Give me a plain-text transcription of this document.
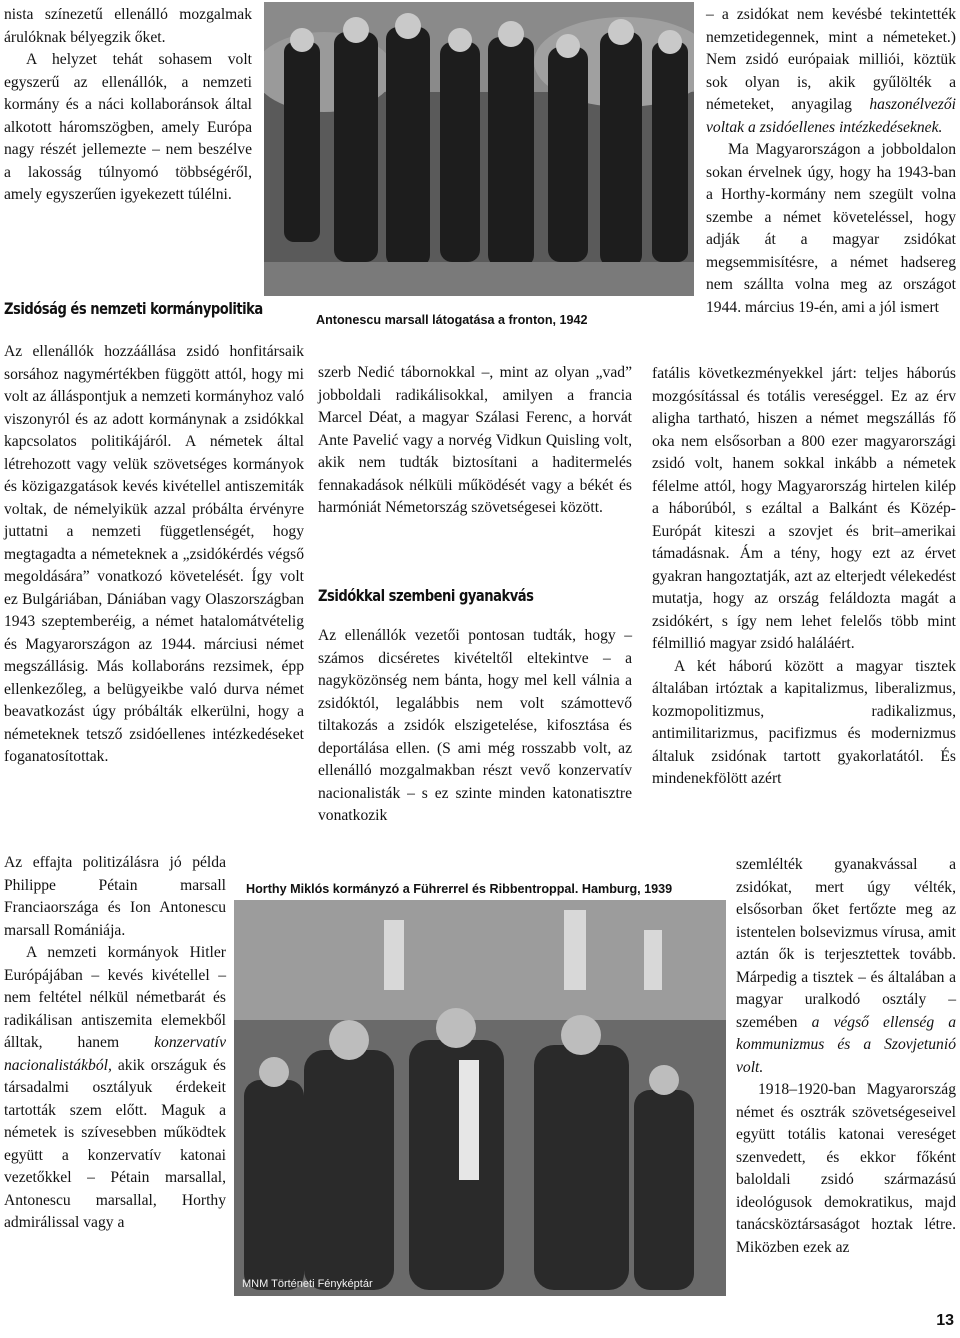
Antonescu marsall látogatása a fronton, 1942

nista színezetű ellenálló mozgalmak árulóknak bélyegzik őket.

A helyzet tehát sohasem volt egyszerű az ellenállók, a nemzeti kormány és a náci kollaboránsok által alkotott háromszögben, amely Európa nagy részét jellemezte – nem beszélve a lakosság túlnyomó többségéről, amely egyszerűen igyekezett túlélni.

Zsidóság és nemzeti kormánypolitika

Az ellenállók hozzáállása zsidó honfitársaik sorsához nagymértékben függött attól, hogy mi volt az álláspontjuk a nemzeti kormányhoz való viszonyról és az adott kormánynak a zsidókkal kapcsolatos politikájáról. A németek által létrehozott vagy velük szövetséges kormányok és közigazgatások kevés kivétellel antiszemiták voltak, de némelyikük azzal próbálta érvényre juttatni a nemzeti függetlenségét, hogy megtagadta a németeknek a „zsidókérdés végső megoldására” vonatkozó követelését. Így volt ez Bulgáriában, Dániában vagy Olaszországban 1943 szeptemberéig, a német hatalomátvételig és Magyarországon az 1944. márciusi német megszállásig. Más kollaboráns rezsimek, épp ellenkezőleg, a belügyeikbe való durva német beavatkozást úgy próbálták elkerülni, hogy a németeknek tetsző zsidóellenes intézkedéseket foganatosítottak.

Az effajta politizálásra jó példa Philippe Pétain marsall Franciaországa és Ion Antonescu marsall Romániája.

A nemzeti kormányok Hitler Európájában – kevés kivétellel – nem feltétel nélkül németbarát és radikálisan antiszemita elemekből álltak, hanem konzervatív nacionalistákból, akik országuk és társadalmi osztályuk érdekeit tartották szem előtt. Maguk a németek is szívesebben működtek együtt a konzervatív katonai vezetőkkel – Pétain marsallal, Antonescu marsallal, Horthy admirálissal vagy a

szerb Nedić tábornokkal –, mint az olyan „vad” jobboldali radikálisokkal, amilyen a francia Marcel Déat, a magyar Szálasi Ferenc, a horvát Ante Pavelić vagy a norvég Vidkun Quisling volt, akik nem tudták biztosítani a haditermelés fennakadások nélküli működését vagy a békét és harmóniát Németország szövetségesei között.

Zsidókkal szembeni gyanakvás

Az ellenállók vezetői pontosan tudták, hogy – számos dicséretes kivételtől eltekintve – a nagyközönség nem bánta, hogy mel kell válnia a zsidóktól, legalábbis nem volt számottevő tiltakozás a zsidók elszigetelése, kifosztása és deportálása ellen. (S ami még rosszabb volt, az ellenálló mozgalmakban részt vevő konzervatív nacionalisták – s ez szinte minden katonatisztre vonatkozik

– a zsidókat nem kevésbé tekintették nemzetidegennek, mint a németeket.) Nem zsidó európaiak milliói, köztük sok olyan is, akik gyűlölték a németeket, anyagilag haszonélvezői voltak a zsidóellenes intézkedéseknek.

Ma Magyarországon a jobboldalon sokan érvelnek úgy, hogy ha 1943-ban a Horthy-kormány nem szegült volna szembe a német követeléssel, hogy adják át a magyar zsidókat megsemmisítésre, a német hadsereg nem szállta volna meg az országot 1944. március 19-én, ami a jól ismert

fatális következményekkel járt: teljes háborús mozgósítással és totális vereséggel. Ez az érv aligha tartható, hiszen a német megszállás fő oka nem elsősorban a 800 ezer magyarországi zsidó volt, hanem sokkal inkább a németek félelme attól, hogy Magyarország hirtelen kilép a háborúból, s ezáltal a Balkánt és Közép-Európát kiteszi a szovjet és brit–amerikai támadásnak. Ám a tény, hogy ezt az érvet gyakran hangoztatják, azt az elterjedt vélekedést mutatja, hogy az ország feláldozta magát a zsidókért, s így nem lehet felelős több mint félmillió magyar zsidó haláláért.

A két háború között a magyar tisztek általában irtóztak a kapitalizmus, liberalizmus, kozmopolitizmus, radikalizmus, antimilitarizmus, pacifizmus és modernizmus általuk zsidónak tartott gyakorlatától. És mindenekfölött azért

szemlélték gyanakvással a zsidókat, mert úgy vélték, elsősorban őket fertőzte meg az istentelen bolsevizmus vírusa, amit aztán ők is terjesztettek tovább. Márpedig a tisztek – és általában a magyar uralkodó osztály – szemében a végső ellenség a kommunizmus és a Szovjetunió volt.

1918–1920-ban Magyarország német és osztrák szövetségeseivel együtt totális katonai vereséget szenvedett, és ekkor főként baloldali zsidó származású ideológusok demokratikus, majd tanácsköztársaságot hoztak létre. Miközben ezek az

Horthy Miklós kormányzó a Führerrel és Ribbentroppal. Hamburg, 1939
MNM Történeti Fényképtár
13
